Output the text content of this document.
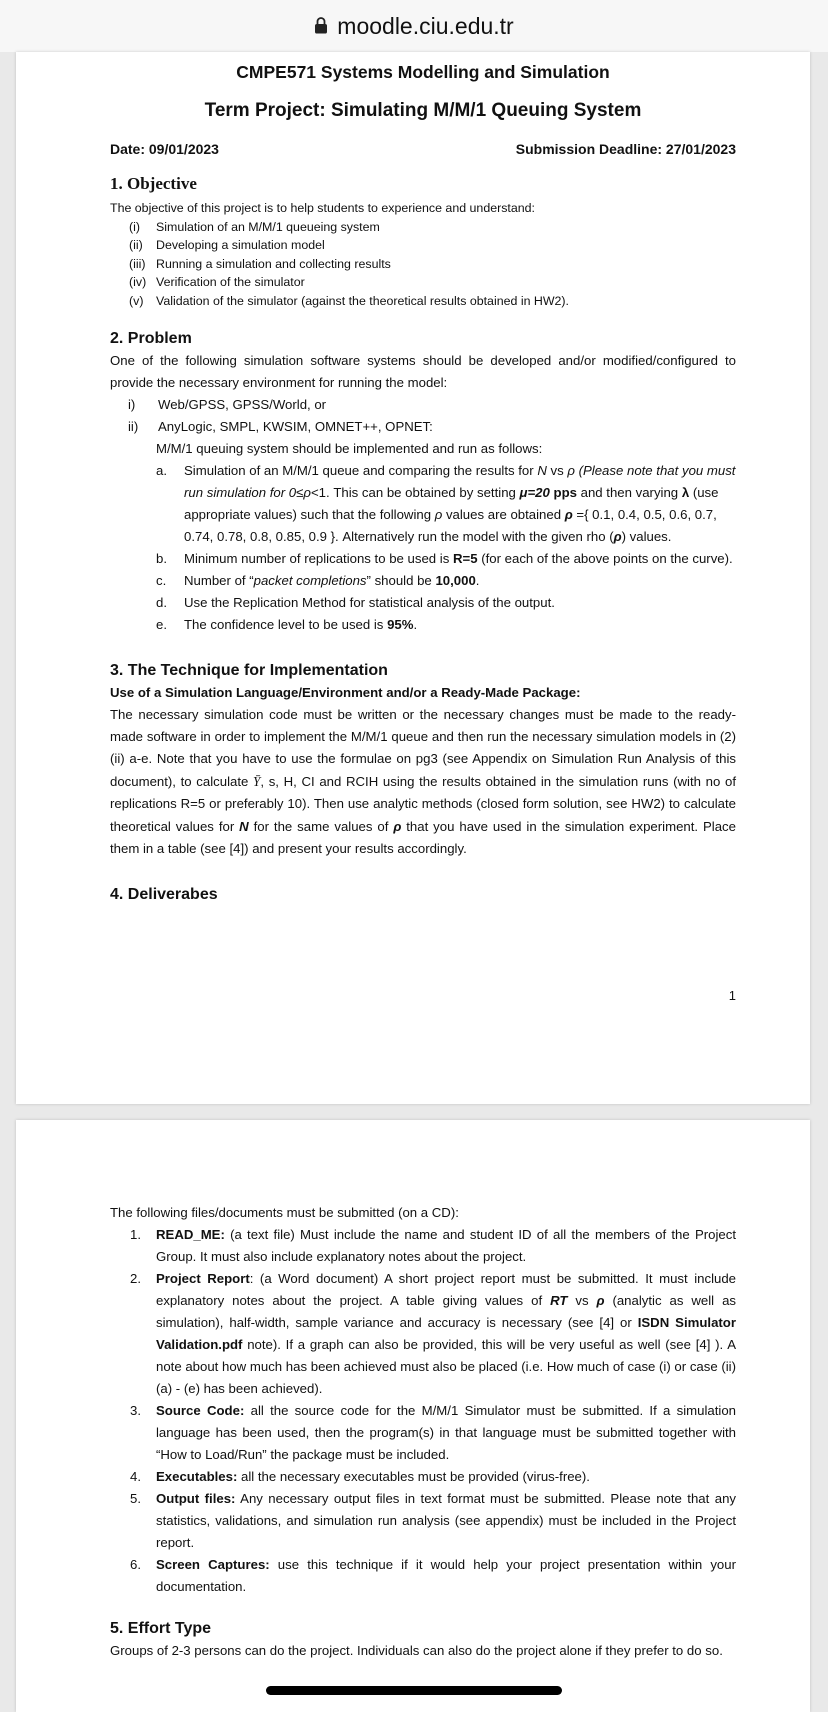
moodle.ciu.edu.tr
CMPE571 Systems Modelling and Simulation
Term Project: Simulating M/M/1 Queuing System
Date: 09/01/2023	Submission Deadline: 27/01/2023
1. Objective
The objective of this project is to help students to experience and understand:
(i)	Simulation of an M/M/1 queueing system
(ii)	Developing a simulation model
(iii) Running a simulation and collecting results
(iv) Verification of the simulator
(v)	Validation of the simulator (against the theoretical results obtained in HW2).
2. Problem
One of the following simulation software systems should be developed and/or modified/configured to provide the necessary environment for running the model:
i)	Web/GPSS, GPSS/World, or
ii)	AnyLogic, SMPL, KWSIM, OMNET++, OPNET:
M/M/1 queuing system should be implemented and run as follows:
a.	Simulation of an M/M/1 queue and comparing the results for N vs ρ (Please note that you must run simulation for 0≤ρ<1. This can be obtained by setting μ=20 pps and then varying λ (use appropriate values) such that the following ρ values are obtained ρ ={ 0.1, 0.4, 0.5, 0.6, 0.7, 0.74, 0.78, 0.8, 0.85, 0.9 }. Alternatively run the model with the given rho (ρ) values.
b.	Minimum number of replications to be used is R=5 (for each of the above points on the curve).
c.	Number of “packet completions” should be 10,000.
d.	Use the Replication Method for statistical analysis of the output.
e.	The confidence level to be used is 95%.
3. The Technique for Implementation
Use of a Simulation Language/Environment and/or a Ready-Made Package:
The necessary simulation code must be written or the necessary changes must be made to the ready-made software in order to implement the M/M/1 queue and then run the necessary simulation models in (2)(ii) a-e. Note that you have to use the formulae on pg3 (see Appendix on Simulation Run Analysis of this document), to calculate Ȳ, s, H, CI and RCIH using the results obtained in the simulation runs (with no of replications R=5 or preferably 10). Then use analytic methods (closed form solution, see HW2) to calculate theoretical values for N for the same values of ρ that you have used in the simulation experiment. Place them in a table (see [4]) and present your results accordingly.
4. Deliverabes
1
The following files/documents must be submitted (on a CD):
1.	READ_ME: (a text file) Must include the name and student ID of all the members of the Project Group. It must also include explanatory notes about the project.
2.	Project Report: (a Word document) A short project report must be submitted. It must include explanatory notes about the project. A table giving values of RT vs ρ (analytic as well as simulation), half-width, sample variance and accuracy is necessary (see [4] or ISDN Simulator Validation.pdf note). If a graph can also be provided, this will be very useful as well (see [4] ). A note about how much has been achieved must also be placed (i.e. How much of case (i) or case (ii) (a) - (e) has been achieved).
3.	Source Code: all the source code for the M/M/1 Simulator must be submitted. If a simulation language has been used, then the program(s) in that language must be submitted together with “How to Load/Run” the package must be included.
4.	Executables: all the necessary executables must be provided (virus-free).
5.	Output files: Any necessary output files in text format must be submitted. Please note that any statistics, validations, and simulation run analysis (see appendix) must be included in the Project report.
6.	Screen Captures: use this technique if it would help your project presentation within your documentation.
5. Effort Type
Groups of 2-3 persons can do the project. Individuals can also do the project alone if they prefer to do so.
